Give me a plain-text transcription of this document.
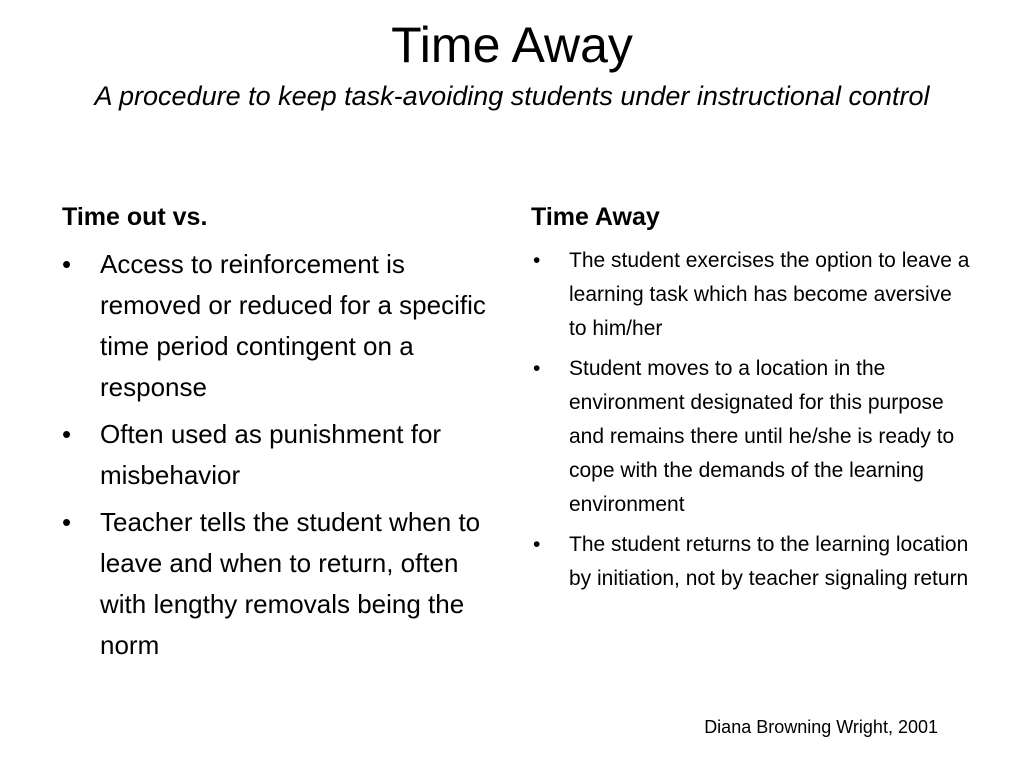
Time Away

A procedure to keep task-avoiding students under instructional control

Time out vs.

• Access to reinforcement is removed or reduced for a specific time period contingent on a response
• Often used as punishment for misbehavior
• Teacher tells the student when to leave and when to return, often with lengthy removals being the norm

Time Away

• The student exercises the option to leave a learning task which has become aversive to him/her
• Student moves to a location in the environment designated for this purpose and remains there until he/she is ready to cope with the demands of the learning environment
• The student returns to the learning location by initiation, not by teacher signaling return
Diana Browning Wright, 2001
